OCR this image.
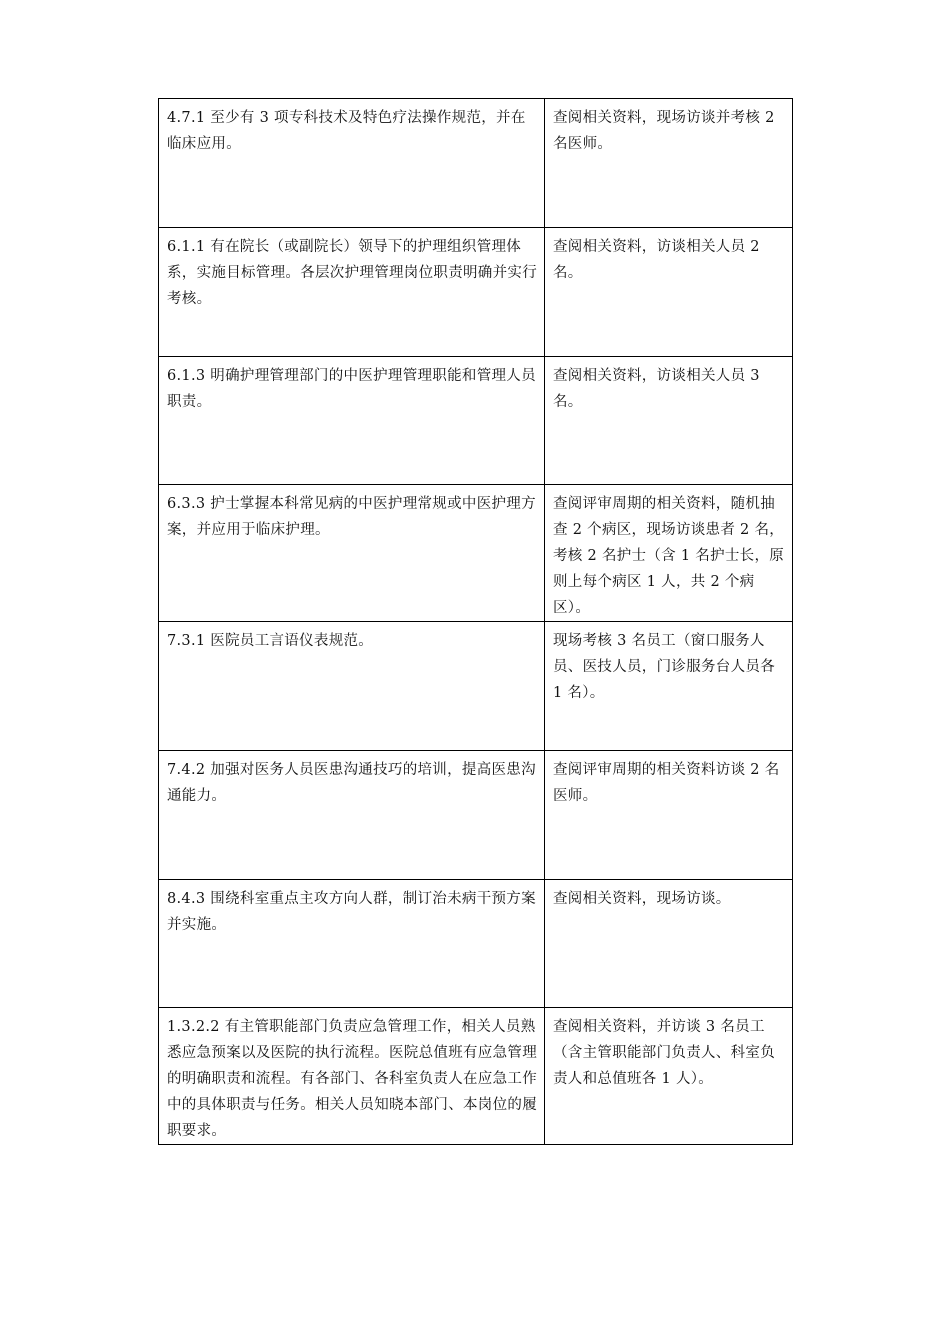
4.7.1 至少有 3 项专科技术及特色疗法操作规范，并在临床应用。	查阅相关资料，现场访谈并考核 2 名医师。
6.1.1 有在院长（或副院长）领导下的护理组织管理体系，实施目标管理。各层次护理管理岗位职责明确并实行考核。	查阅相关资料，访谈相关人员 2 名。
6.1.3 明确护理管理部门的中医护理管理职能和管理人员职责。	查阅相关资料，访谈相关人员 3 名。
6.3.3 护士掌握本科常见病的中医护理常规或中医护理方案，并应用于临床护理。	查阅评审周期的相关资料，随机抽查 2 个病区，现场访谈患者 2 名，考核 2 名护士（含 1 名护士长，原则上每个病区 1 人，共 2 个病区）。
7.3.1 医院员工言语仪表规范。	现场考核 3 名员工（窗口服务人员、医技人员，门诊服务台人员各 1 名）。
7.4.2 加强对医务人员医患沟通技巧的培训，提高医患沟通能力。	查阅评审周期的相关资料访谈 2 名医师。
8.4.3 围绕科室重点主攻方向人群，制订治未病干预方案并实施。	查阅相关资料，现场访谈。
1.3.2.2 有主管职能部门负责应急管理工作，相关人员熟悉应急预案以及医院的执行流程。医院总值班有应急管理的明确职责和流程。有各部门、各科室负责人在应急工作中的具体职责与任务。相关人员知晓本部门、本岗位的履职要求。	查阅相关资料，并访谈 3 名员工（含主管职能部门负责人、科室负责人和总值班各 1 人）。
